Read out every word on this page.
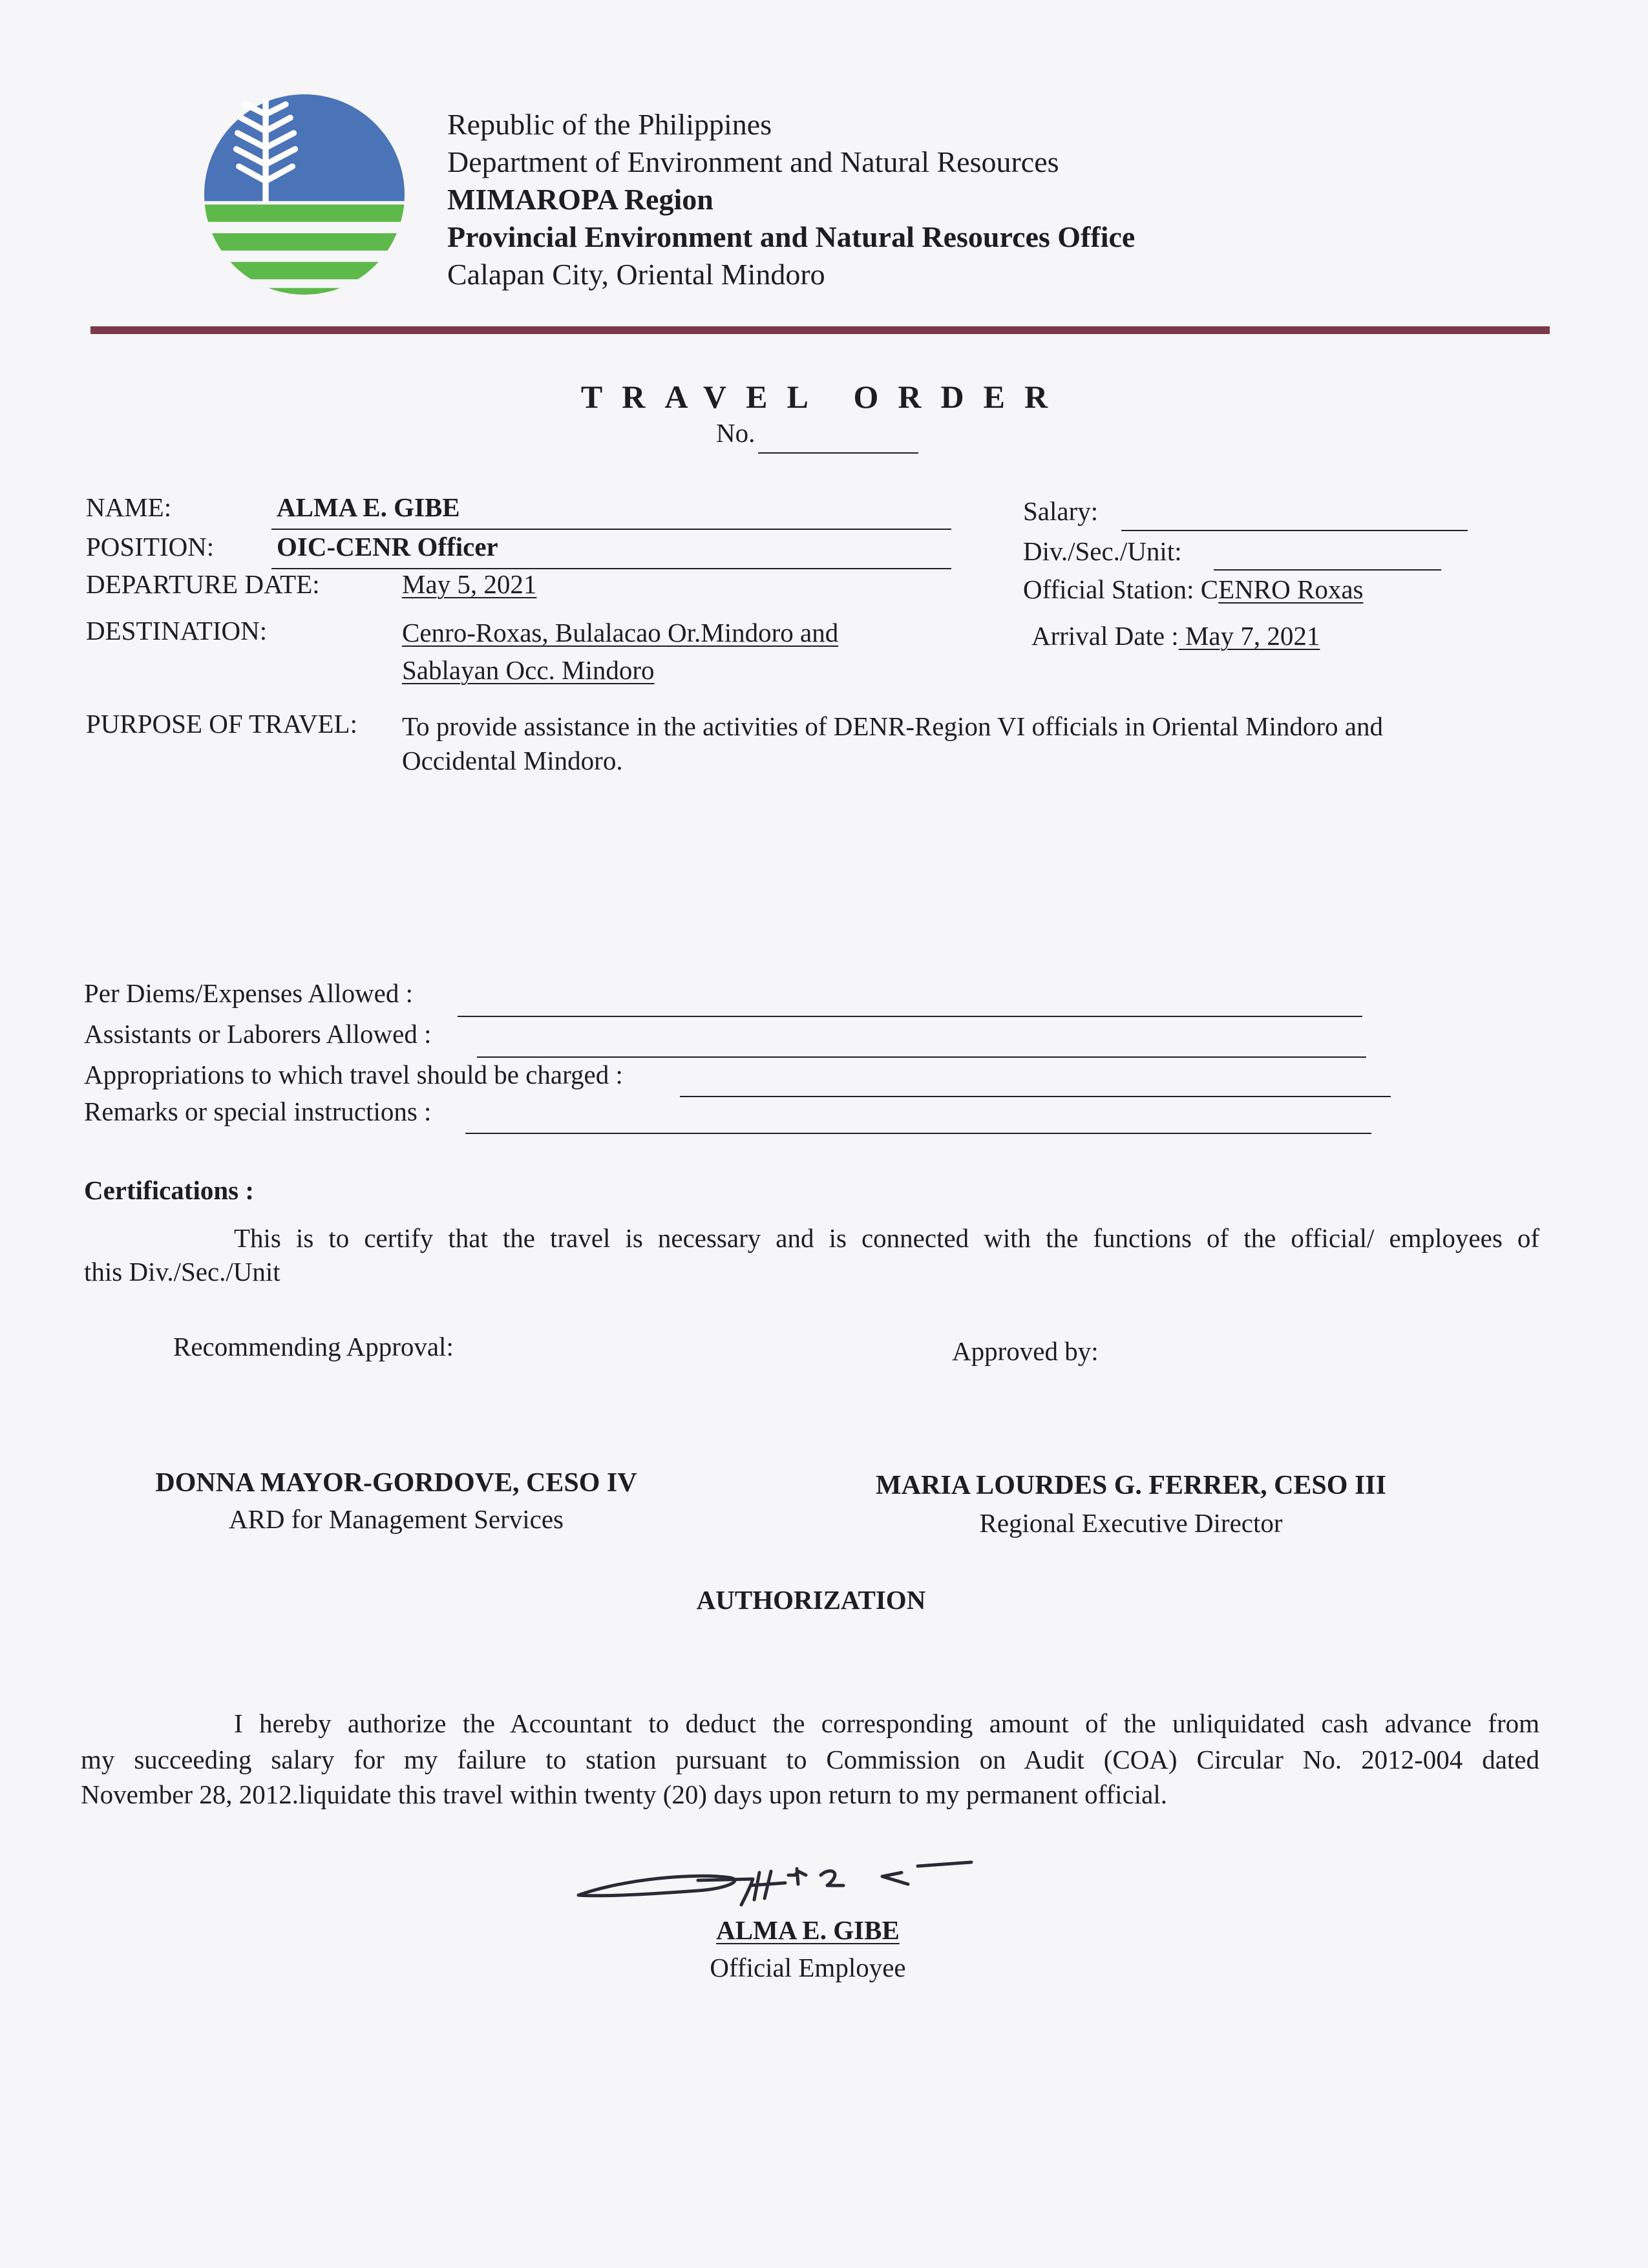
Republic of the Philippines
Department of Environment and Natural Resources
MIMAROPA Region
Provincial Environment and Natural Resources Office
Calapan City, Oriental Mindoro
TRAVEL ORDER
No.
NAME:	ALMA E. GIBE
POSITION: OIC-CENR Officer
DEPARTURE DATE:	May 5, 2021
DESTINATION:	Cenro-Roxas, Bulalacao Or.Mindoro and
Sablayan Occ. Mindoro
Salary:
Div./Sec./Unit:
Official Station: CENRO Roxas
Arrival Date : May 7, 2021
PURPOSE OF TRAVEL: To provide assistance in the activities of DENR-Region VI officials in Oriental Mindoro and
Occidental Mindoro.
Per Diems/Expenses Allowed :
Assistants or Laborers Allowed :
Appropriations to which travel should be charged :
Remarks or special instructions :
Certifications :
This is to certify that the travel is necessary and is connected with the functions of the official/ employees of
this Div./Sec./Unit
Recommending Approval:	Approved by:
DONNA MAYOR-GORDOVE, CESO IV
ARD for Management Services
MARIA LOURDES G. FERRER, CESO III
Regional Executive Director
AUTHORIZATION
I hereby authorize the Accountant to deduct the corresponding amount of the unliquidated cash advance from
my succeeding salary for my failure to station pursuant to Commission on Audit (COA) Circular No. 2012-004 dated
November 28, 2012.liquidate this travel within twenty (20) days upon return to my permanent official.
ALMA E. GIBE
Official Employee
